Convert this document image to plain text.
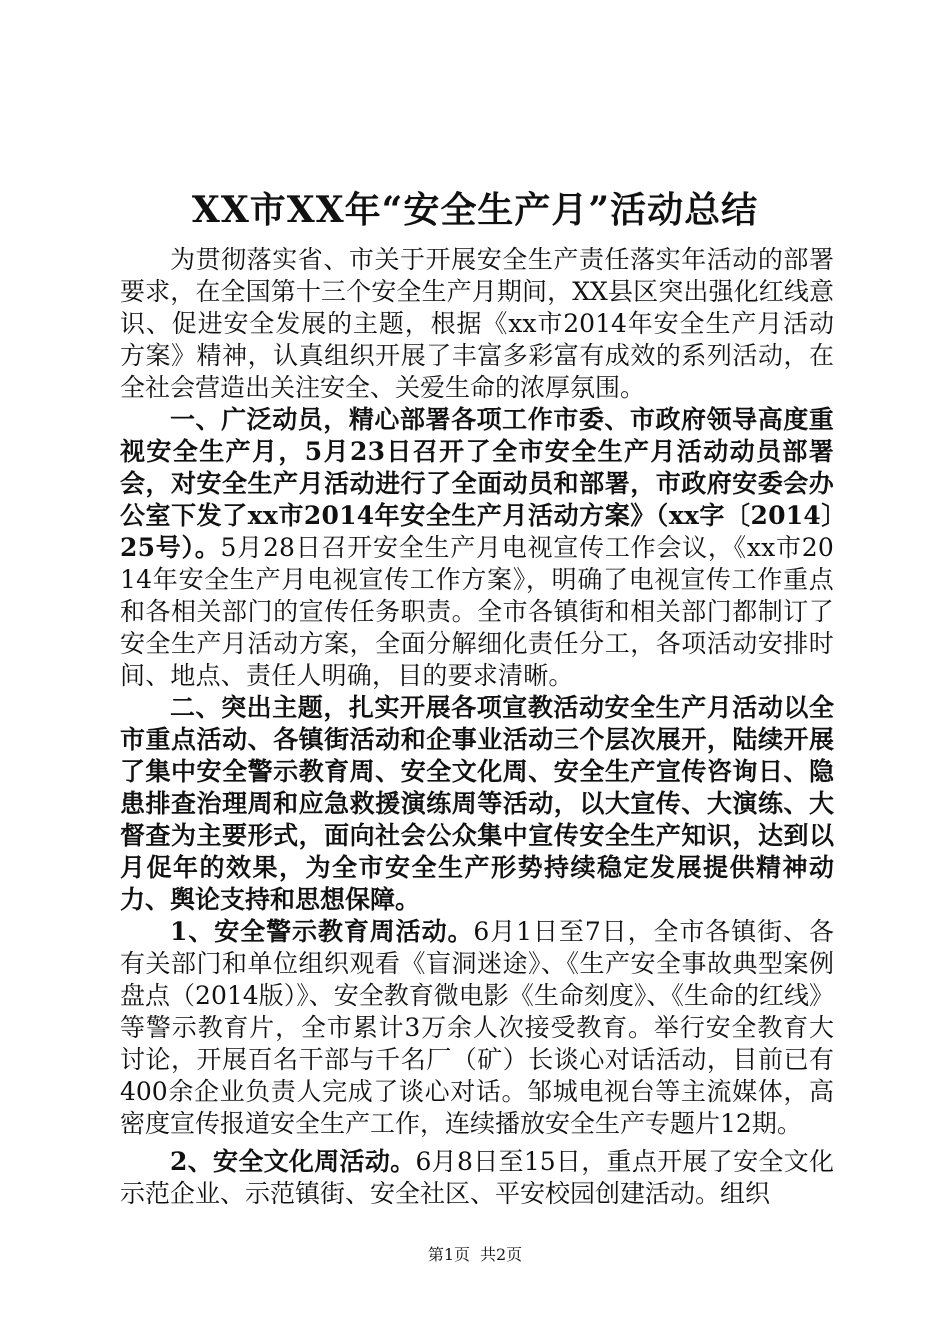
XX市XX年“安全生产月”活动总结

为贯彻落实省、市关于开展安全生产责任落实年活动的部署要求，在全国第十三个安全生产月期间，XX县区突出强化红线意识、促进安全发展的主题，根据《xx市2014年安全生产月活动方案》精神，认真组织开展了丰富多彩富有成效的系列活动，在全社会营造出关注安全、关爱生命的浓厚氛围。

一、广泛动员，精心部署各项工作市委、市政府领导高度重视安全生产月，5月23日召开了全市安全生产月活动动员部署会，对安全生产月活动进行了全面动员和部署，市政府安委会办公室下发了xx市2014年安全生产月活动方案》（xx字〔2014〕25号）。5月28日召开安全生产月电视宣传工作会议，《xx市2014年安全生产月电视宣传工作方案》，明确了电视宣传工作重点和各相关部门的宣传任务职责。全市各镇街和相关部门都制订了安全生产月活动方案，全面分解细化责任分工，各项活动安排时间、地点、责任人明确，目的要求清晰。

二、突出主题，扎实开展各项宣教活动安全生产月活动以全市重点活动、各镇街活动和企事业活动三个层次展开，陆续开展了集中安全警示教育周、安全文化周、安全生产宣传咨询日、隐患排查治理周和应急救援演练周等活动，以大宣传、大演练、大督查为主要形式，面向社会公众集中宣传安全生产知识，达到以月促年的效果，为全市安全生产形势持续稳定发展提供精神动力、舆论支持和思想保障。

1、安全警示教育周活动。6月1日至7日，全市各镇街、各有关部门和单位组织观看《盲洞迷途》、《生产安全事故典型案例盘点（2014版）》、安全教育微电影《生命刻度》、《生命的红线》等警示教育片，全市累计3万余人次接受教育。举行安全教育大讨论，开展百名干部与千名厂（矿）长谈心对话活动，目前已有400余企业负责人完成了谈心对话。邹城电视台等主流媒体，高密度宣传报道安全生产工作，连续播放安全生产专题片12期。

2、安全文化周活动。6月8日至15日，重点开展了安全文化示范企业、示范镇街、安全社区、平安校园创建活动。组织

第1页 共2页
